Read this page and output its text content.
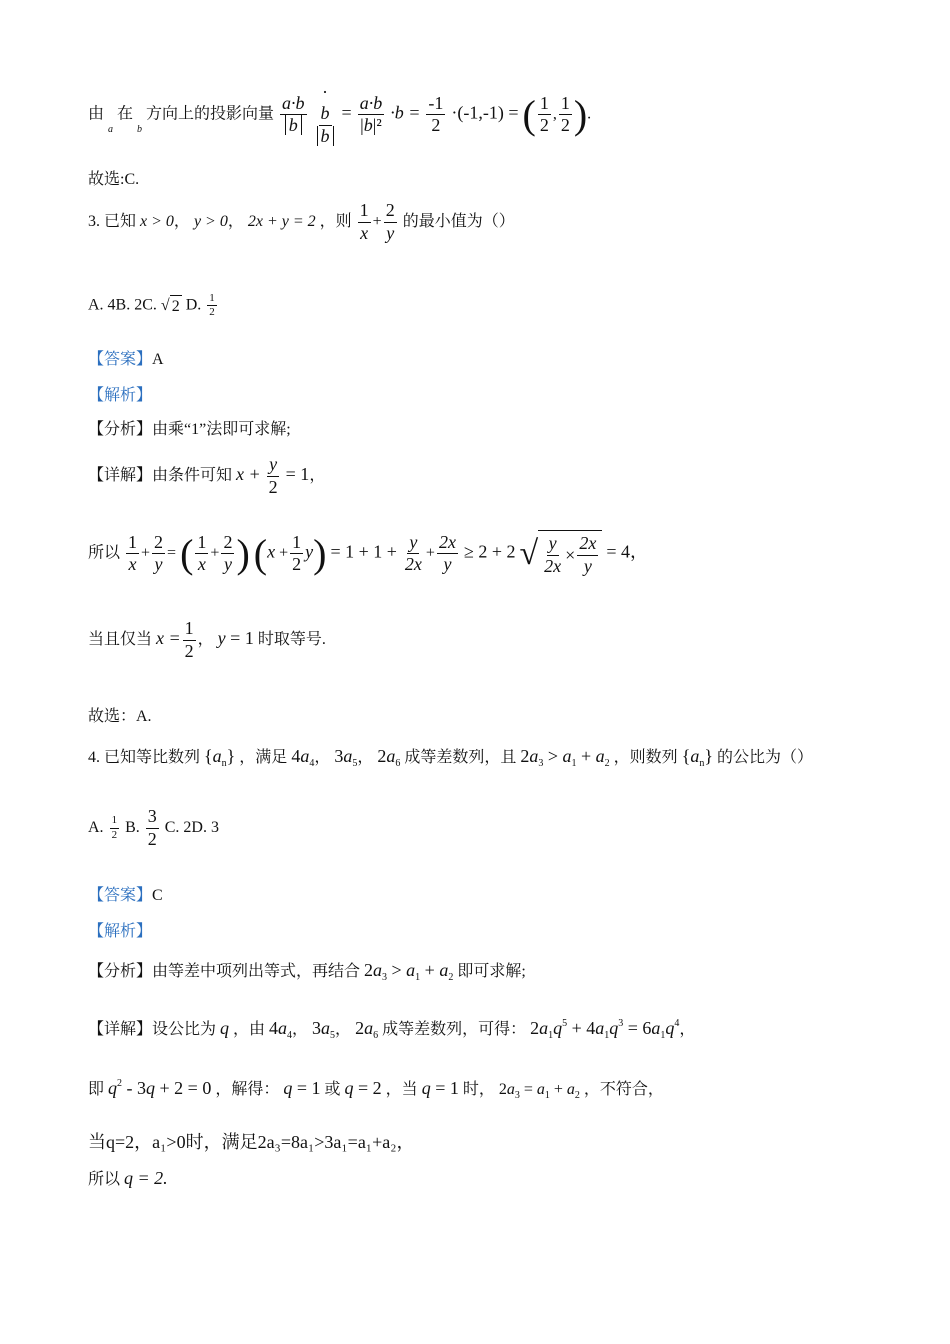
由 $_a$ 在 $_b$ 方向上的投影向量 $\frac{a\cdot b}{b}$
·
b
b
= $\frac{a\cdot b}{\text{|b|²}} \cdot b = \frac{-1}{2} \cdot(-1,-1)$ = ( $\frac{1}{2}$ , $\frac{1}{2}$ ).
故选:C.
3. 已知 x > 0， y > 0， 2x + y = 2 ，则 $\frac{1}{x} + \frac{2}{y}$ 的最小值为（）
A. 4B. 2C. √ 2 D. $\frac{1}{2}$
【答案】A
【解析】
【分析】由乘“1”法即可求解;
【详解】由条件可知 $x + \frac{y}{2} = 1$，
所以 $\frac{1}{x} + \frac{2}{y}$ = ( $\frac{1}{x} + \frac{2}{y}$ ) $(x + \frac{1}{2} y) = 1 + 1 + \frac{y}{2x} + \frac{2x}{y} \ge 2 + 2$ √ $\frac{y}{2x} \times \frac{2x}{y} = 4$，
当且仅当 $x = \frac{1}{2}$ ， y = 1 时取等号.
故选：A.
4. 已知等比数列 $\{a_n\}$ ，满足 $4a_4$， $3a_5$， $2a_6$ 成等差数列，且 $2a_3 > a_1 + a_2$ ，则数列 $\{a_n\}$ 的公比为（）
A. $\frac{1}{2} B$. $\frac{3}{2} C$. 2D. 3
【答案】C
【解析】
【分析】由等差中项列出等式，再结合 $2a_3 > a_1 + a_2$ 即可求解;
【详解】设公比为 q ，由 $4a_4$， $3a_5$， $2a_6$ 成等差数列，可得： $2a_1q^5 + 4a_1q^3 = 6a_1q^4$，
即 $q^2 - 3q + 2 = 0$ ，解得： q = 1 或 q = 2 ，当 q = 1 时， $2a_3 = a_1 + a_2$ ，不符合，
当q=2，a₁>0时，满足2a₃=8a₁>3a₁=a₁+a₂，
所以 q = 2.
